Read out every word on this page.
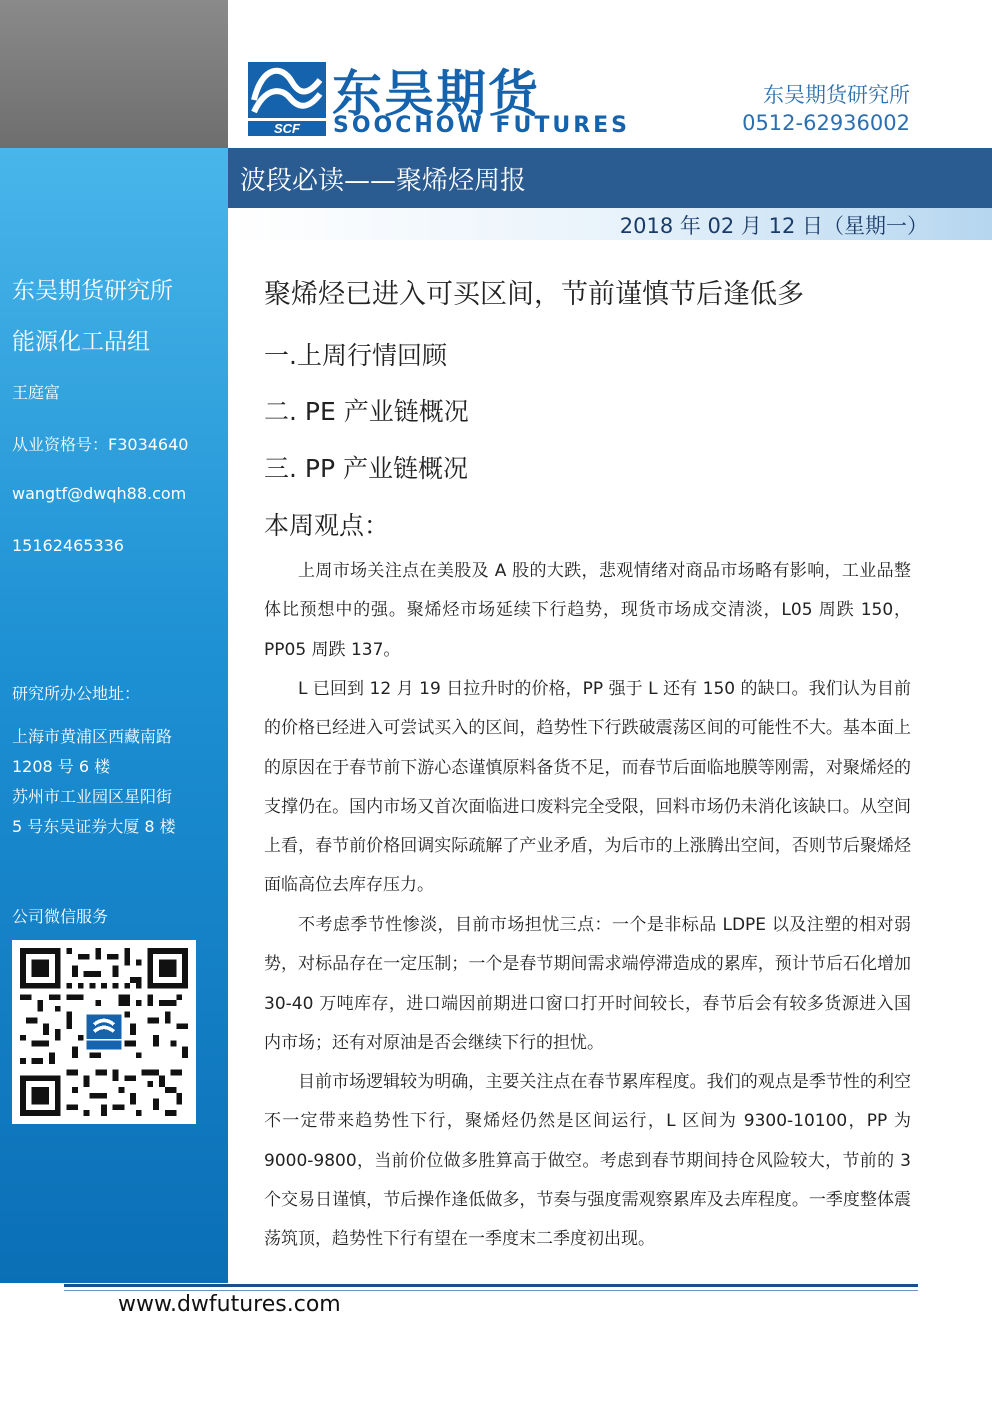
东吴期货研究所
能源化工品组
王庭富
从业资格号：F3034640
wangtf@dwqh88.com
15162465336
研究所办公地址：
上海市黄浦区西藏南路
1208 号 6 楼
苏州市工业园区星阳街
5 号东吴证券大厦 8 楼
公司微信服务
SCF
东吴期货
SOOCHOW FUTURES
东吴期货研究所
0512-62936002
波段必读——聚烯烃周报
2018 年 02 月 12 日（星期一）
聚烯烃已进入可买区间，节前谨慎节后逢低多
一.上周行情回顾
二. PE 产业链概况
三. PP 产业链概况
本周观点：
上周市场关注点在美股及 A 股的大跌，悲观情绪对商品市场略有影响，工业品整体比预想中的强。聚烯烃市场延续下行趋势，现货市场成交清淡，L05 周跌 150，PP05 周跌 137。
L 已回到 12 月 19 日拉升时的价格，PP 强于 L 还有 150 的缺口。我们认为目前的价格已经进入可尝试买入的区间，趋势性下行跌破震荡区间的可能性不大。基本面上的原因在于春节前下游心态谨慎原料备货不足，而春节后面临地膜等刚需，对聚烯烃的支撑仍在。国内市场又首次面临进口废料完全受限，回料市场仍未消化该缺口。从空间上看，春节前价格回调实际疏解了产业矛盾，为后市的上涨腾出空间，否则节后聚烯烃面临高位去库存压力。
不考虑季节性惨淡，目前市场担忧三点：一个是非标品 LDPE 以及注塑的相对弱势，对标品存在一定压制；一个是春节期间需求端停滞造成的累库，预计节后石化增加 30-40 万吨库存，进口端因前期进口窗口打开时间较长，春节后会有较多货源进入国内市场；还有对原油是否会继续下行的担忧。
目前市场逻辑较为明确，主要关注点在春节累库程度。我们的观点是季节性的利空不一定带来趋势性下行，聚烯烃仍然是区间运行，L 区间为 9300-10100，PP 为 9000-9800，当前价位做多胜算高于做空。考虑到春节期间持仓风险较大，节前的 3 个交易日谨慎，节后操作逢低做多，节奏与强度需观察累库及去库程度。一季度整体震荡筑顶，趋势性下行有望在一季度末二季度初出现。
www.dwfutures.com
